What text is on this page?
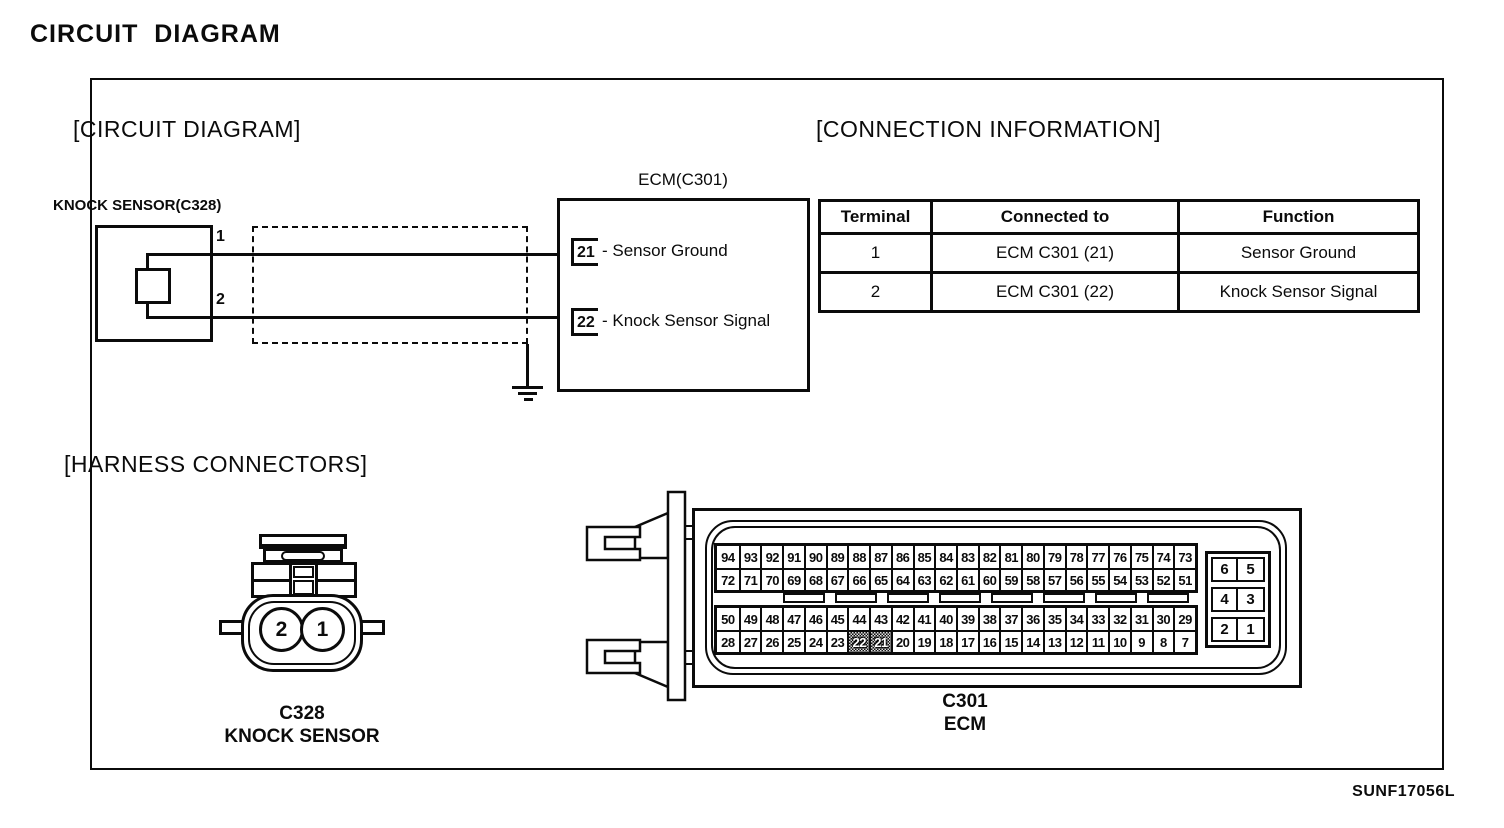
CIRCUIT  DIAGRAM
[CIRCUIT DIAGRAM]	[CONNECTION INFORMATION]
[HARNESS CONNECTORS]
KNOCK SENSOR(C328)
1
2
ECM(C301)
21 - Sensor Ground
22 - Knock Sensor Signal
Terminal	Connected to	Function
1	ECM C301 (21)	Sensor Ground
2	ECM C301 (22)	Knock Sensor Signal
2	1
C328
KNOCK SENSOR
94 93 92 91 90 89 88 87 86 85 84 83 82 81 80 79 78 77 76 75 74 73
72 71 70 69 68 67 66 65 64 63 62 61 60 59 58 57 56 55 54 53 52 51
50 49 48 47 46 45 44 43 42 41 40 39 38 37 36 35 34 33 32 31 30 29
28 27 26 25 24 23 22 21 20 19 18 17 16 15 14 13 12 11 10 9	8	7
6	5
4	3
2	1
C301
ECM
SUNF17056L
